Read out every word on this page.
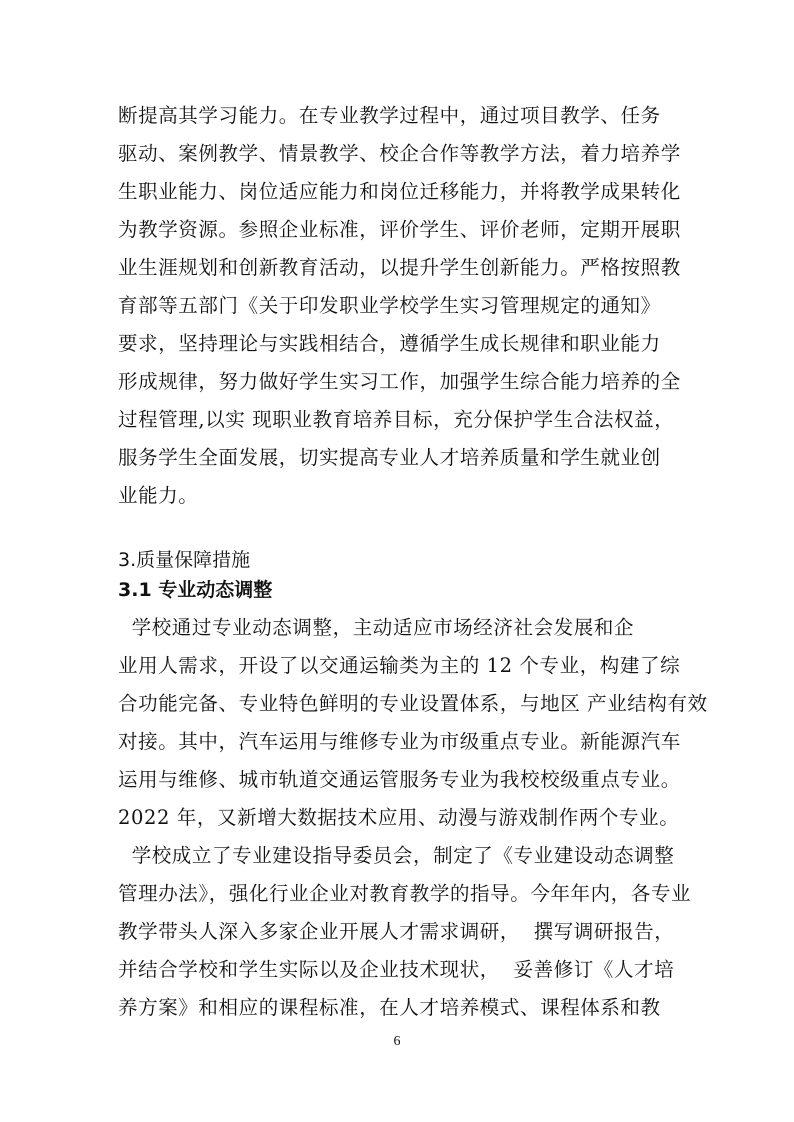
断提高其学习能力。在专业教学过程中，通过项目教学、任务
驱动、案例教学、情景教学、校企合作等教学方法，着力培养学
生职业能力、岗位适应能力和岗位迁移能力，并将教学成果转化
为教学资源。参照企业标准，评价学生、评价老师，定期开展职
业生涯规划和创新教育活动，以提升学生创新能力。严格按照教
育部等五部门《关于印发职业学校学生实习管理规定的通知》
要求，坚持理论与实践相结合，遵循学生成长规律和职业能力
形成规律，努力做好学生实习工作，加强学生综合能力培养的全
过程管理,以实 现职业教育培养目标，充分保护学生合法权益，
服务学生全面发展，切实提高专业人才培养质量和学生就业创
业能力。
3.质量保障措施
3.1 专业动态调整
学校通过专业动态调整，主动适应市场经济社会发展和企
业用人需求，开设了以交通运输类为主的 12 个专业，构建了综
合功能完备、专业特色鲜明的专业设置体系，与地区 产业结构有效
对接。其中，汽车运用与维修专业为市级重点专业。新能源汽车
运用与维修、城市轨道交通运管服务专业为我校校级重点专业。
2022 年，又新增大数据技术应用、动漫与游戏制作两个专业。
学校成立了专业建设指导委员会，制定了《专业建设动态调整
管理办法》，强化行业企业对教育教学的指导。今年年内，各专业
教学带头人深入多家企业开展人才需求调研，  撰写调研报告，
并结合学校和学生实际以及企业技术现状，  妥善修订《人才培
养方案》和相应的课程标准，在人才培养模式、课程体系和教
6
